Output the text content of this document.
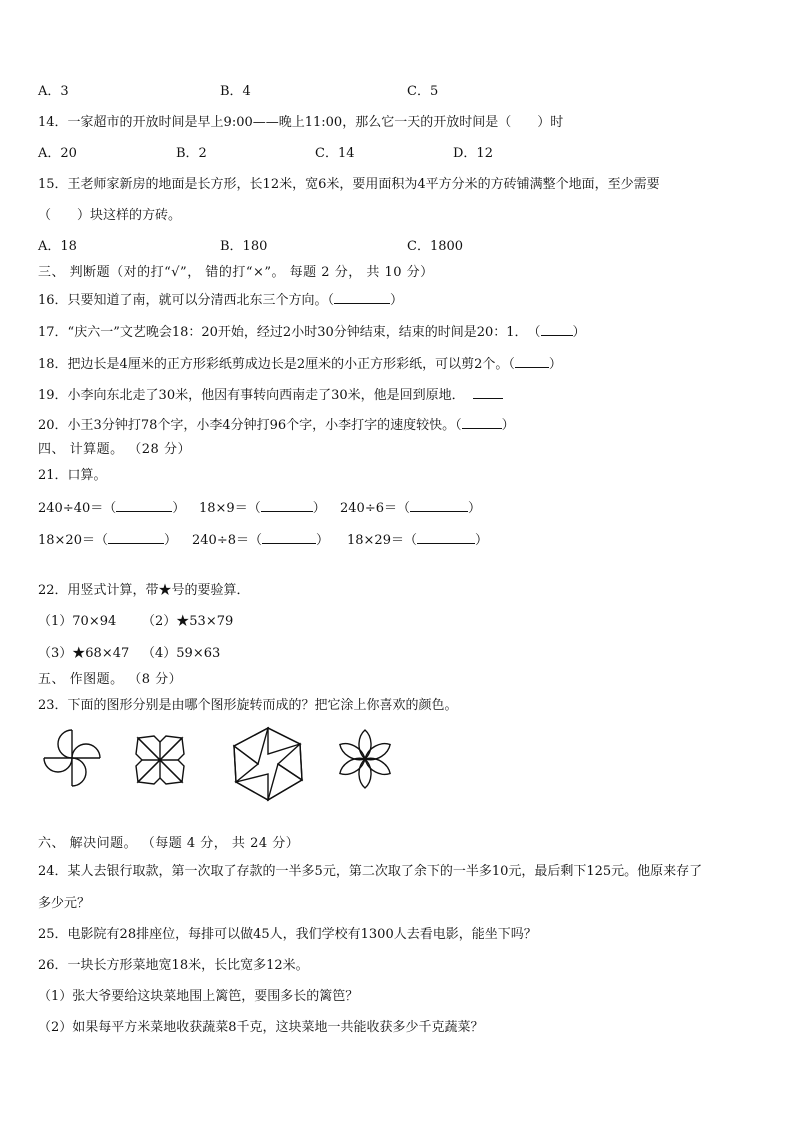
A．3	B．4	C．5
14．一家超市的开放时间是早上9:00——晚上11:00，那么它一天的开放时间是（　　）时
A．20	B．2	C．14	D．12
15．王老师家新房的地面是长方形，长12米，宽6米，要用面积为4平方分米的方砖铺满整个地面，至少需要
（　　）块这样的方砖。
A．18	B．180	C．1800
三、 判断题（对的打“√”， 错的打“×”。 每题 2 分， 共 10 分）
16．只要知道了南，就可以分清西北东三个方向。（	）
17．“庆六一”文艺晚会18：20开始，经过2小时30分钟结束，结束的时间是20：1．　（ ）
18．把边长是4厘米的正方形彩纸剪成边长是2厘米的小正方形彩纸，可以剪2个。（	）
19．小李向东北走了30米，他因有事转向西南走了30米，他是回到原地．
20．小王3分钟打78个字，小李4分钟打96个字，小李打字的速度较快。（	）
四、 计算题。 （28 分）
21．口算。
240÷40＝（	） 18×9＝（	） 240÷6＝（	）
18×20＝（	） 240÷8＝（	） 18×29＝（	）
22．用竖式计算，带★号的要验算．
（1）70×94 （2）★53×79
（3）★68×47 （4）59×63
五、 作图题。 （8 分）
23．下面的图形分别是由哪个图形旋转而成的？把它涂上你喜欢的颜色。
六、 解决问题。 （每题 4 分， 共 24 分）
24．某人去银行取款，第一次取了存款的一半多5元，第二次取了余下的一半多10元，最后剩下125元。他原来存了
多少元？
25．电影院有28排座位，每排可以做45人，我们学校有1300人去看电影，能坐下吗？
26．一块长方形菜地宽18米，长比宽多12米。
（1）张大爷要给这块菜地围上篱笆，要围多长的篱笆？
（2）如果每平方米菜地收获蔬菜8千克，这块菜地一共能收获多少千克蔬菜？
